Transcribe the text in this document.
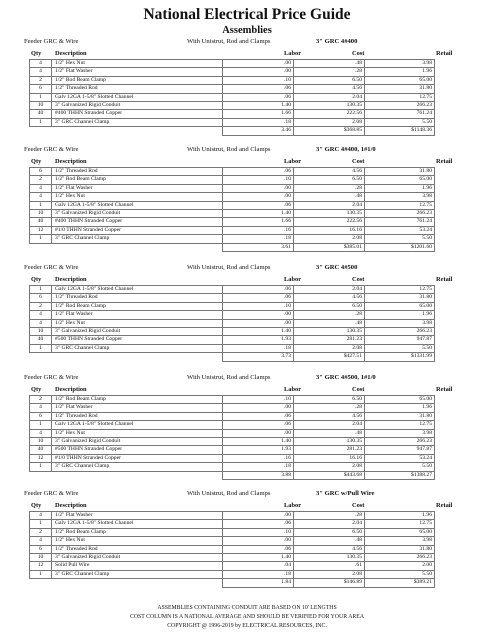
National Electrical Price Guide
Assemblies
Feeder GRC & Wire	With Unistrut, Rod and Clamps	3" GRC 4#400
Qty Description	Labor	Cost	Retail
4	1/2" Hex Nut	.00	.48	3.98
4	1/2" Flat Washer	.00	.28	1.96
2	1/2" Rod Beam Clamp	.10	6.50	65.00
6	1/2" Threaded Rod	.06	4.56	31.80
1	Galv 12GA 1-5/8" Slotted Channel	.06	2.04	12.75
10	3" Galvanized Rigid Conduit	1.40	130.35	266.23
40	#400 THHN Stranded Copper	1.66	222.56	761.24
1	3" GRC Channel Clamp	.18	2.08	5.50
		3.46	$368.85	$1148.36
Feeder GRC & Wire	With Unistrut, Rod and Clamps	3" GRC 4#400, 1#1/0
Qty Description	Labor	Cost	Retail
6	1/2" Threaded Rod	.06	4.56	31.80
2	1/2" Rod Beam Clamp	.10	6.50	65.00
4	1/2" Flat Washer	.00	.28	1.96
4	1/2" Hex Nut	.00	.48	3.98
1	Galv 12GA 1-5/8" Slotted Channel	.06	2.04	12.75
10	3" Galvanized Rigid Conduit	1.40	130.35	266.23
40	#400 THHN Stranded Copper	1.66	222.56	761.24
12	#1/0 THHN Stranded Copper	.16	16.16	53.24
1	3" GRC Channel Clamp	.18	2.08	5.50
		3.61	$385.01	$1201.60
Feeder GRC & Wire	With Unistrut, Rod and Clamps	3" GRC 4#500
Qty Description	Labor	Cost	Retail
1	Galv 12GA 1-5/8" Slotted Channel	.06	2.04	12.75
6	1/2" Threaded Rod	.06	4.56	31.80
2	1/2" Rod Beam Clamp	.10	6.50	65.00
4	1/2" Flat Washer	.00	.28	1.96
4	1/2" Hex Nut	.00	.48	3.98
10	3" Galvanized Rigid Conduit	1.40	130.35	266.23
40	#500 THHN Stranded Copper	1.93	281.23	947.87
1	3" GRC Channel Clamp	.18	2.08	5.50
		3.73	$427.51	$1331.99
Feeder GRC & Wire	With Unistrut, Rod and Clamps	3" GRC 4#500, 1#1/0
Qty Description	Labor	Cost	Retail
2	1/2" Rod Beam Clamp	.10	6.50	65.00
4	1/2" Flat Washer	.00	.28	1.96
6	1/2" Threaded Rod	.06	4.56	31.80
1	Galv 12GA 1-5/8" Slotted Channel	.06	2.04	12.75
4	1/2" Hex Nut	.00	.48	3.98
10	3" Galvanized Rigid Conduit	1.40	130.35	266.23
40	#500 THHN Stranded Copper	1.93	281.23	947.87
12	#1/0 THHN Stranded Copper	.16	16.16	53.24
1	3" GRC Channel Clamp	.18	2.08	5.50
		3.88	$443.68	$1388.27
Feeder GRC & Wire	With Unistrut, Rod and Clamps	3" GRC w/Pull Wire
Qty Description	Labor	Cost	Retail
4	1/2" Flat Washer	.00	.28	1.96
1	Galv 12GA 1-5/8" Slotted Channel	.06	2.04	12.75
2	1/2" Rod Beam Clamp	.10	6.50	65.00
4	1/2" Hex Nut	.00	.48	3.98
6	1/2" Threaded Rod	.06	4.56	31.80
10	3" Galvanized Rigid Conduit	1.40	130.35	266.23
12	Solid Pull Wire	.04	.61	2.00
1	3" GRC Channel Clamp	.18	2.08	5.50
		1.84	$146.89	$389.21
ASSEMBLIES CONTAINING CONDUIT ARE BASED ON 10' LENGTHS
COST COLUMN IS A NATIONAL AVERAGE AND SHOULD BE VERIFIED FOR YOUR AREA
COPYRIGHT @ 1996-2019 by ELECTRICAL RESOURCES, INC.
